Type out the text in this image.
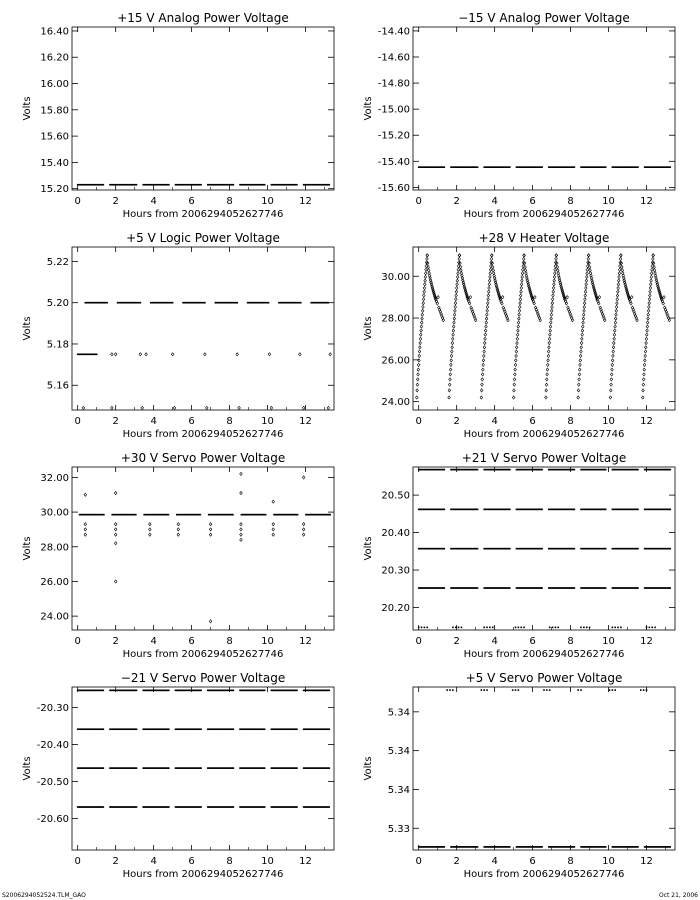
+15 V Analog Power Voltage
Hours from 2006294052627746
Volts
0	2	4	6	8	10	12
15.20
15.40
15.60
15.80
16.00
16.20
16.40
−15 V Analog Power Voltage
Hours from 2006294052627746
Volts
0	2	4	6	8	10	12
-14.40
-14.60
-14.80
-15.00
-15.20
-15.40
-15.60
+5 V Logic Power Voltage
Hours from 2006294052627746
Volts
0	2	4	6	8	10	12
5.16
5.18
5.20
5.22
+28 V Heater Voltage
Hours from 2006294052627746
Volts
0	2	4	6	8	10	12
24.00
26.00
28.00
30.00
+30 V Servo Power Voltage
Hours from 2006294052627746
Volts
0	2	4	6	8	10	12
24.00
26.00
28.00
30.00
32.00
+21 V Servo Power Voltage
Hours from 2006294052627746
Volts
0	2	4	6	8	10	12
20.20
20.30
20.40
20.50
−21 V Servo Power Voltage
Hours from 2006294052627746
Volts
0	2	4	6	8	10	12
-20.30
-20.40
-20.50
-20.60
+5 V Servo Power Voltage
Hours from 2006294052627746
Volts
0	2	4	6	8	10	12
5.33
5.34
5.34
5.34
S2006294052524.TLM_GAO	Oct 21, 2006
